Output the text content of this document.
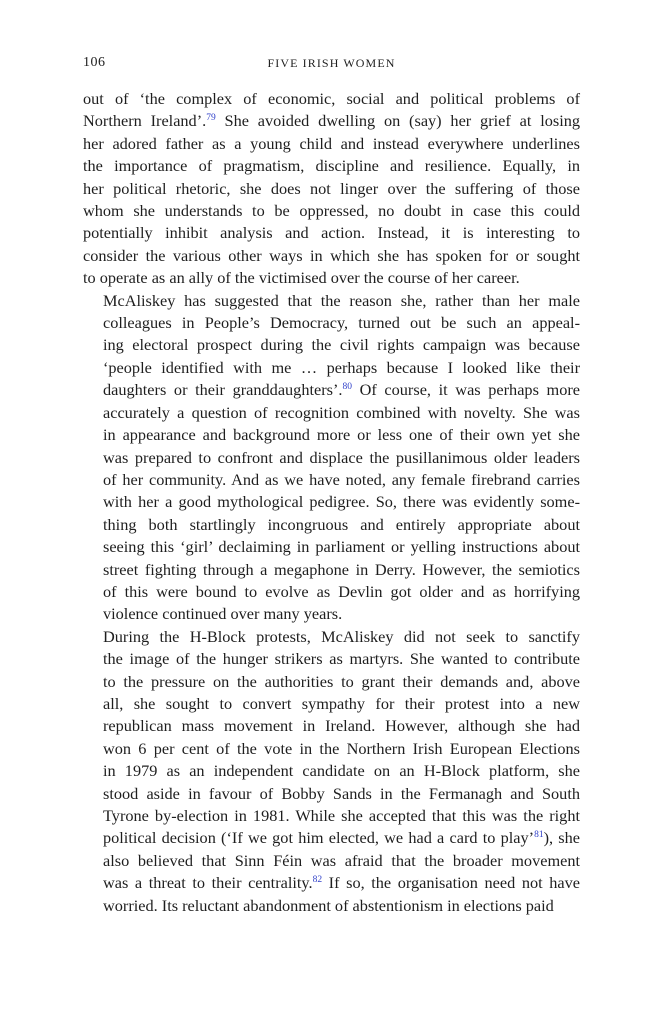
106	FIVE IRISH WOMEN

out of ‘the complex of economic, social and political problems of
Northern Ireland’.$^{79}$ She avoided dwelling on (say) her grief at losing
her adored father as a young child and instead everywhere underlines
the importance of pragmatism, discipline and resilience. Equally, in
her political rhetoric, she does not linger over the suffering of those
whom she understands to be oppressed, no doubt in case this could
potentially inhibit analysis and action. Instead, it is interesting to
consider the various other ways in which she has spoken for or sought
to operate as an ally of the victimised over the course of her career.

McAliskey has suggested that the reason she, rather than her male
colleagues in People’s Democracy, turned out be such an appeal-
ing electoral prospect during the civil rights campaign was because
‘people identified with me … perhaps because I looked like their
daughters or their granddaughters’.$^{80}$ Of course, it was perhaps more
accurately a question of recognition combined with novelty. She was
in appearance and background more or less one of their own yet she
was prepared to confront and displace the pusillanimous older leaders
of her community. And as we have noted, any female firebrand carries
with her a good mythological pedigree. So, there was evidently some-
thing both startlingly incongruous and entirely appropriate about
seeing this ‘girl’ declaiming in parliament or yelling instructions about
street fighting through a megaphone in Derry. However, the semiotics
of this were bound to evolve as Devlin got older and as horrifying
violence continued over many years.

During the H-Block protests, McAliskey did not seek to sanctify
the image of the hunger strikers as martyrs. She wanted to contribute
to the pressure on the authorities to grant their demands and, above
all, she sought to convert sympathy for their protest into a new
republican mass movement in Ireland. However, although she had
won 6 per cent of the vote in the Northern Irish European Elections
in 1979 as an independent candidate on an H-Block platform, she
stood aside in favour of Bobby Sands in the Fermanagh and South
Tyrone by-election in 1981. While she accepted that this was the right
political decision (‘If we got him elected, we had a card to play’$^{81}$), she
also believed that Sinn Féin was afraid that the broader movement
was a threat to their centrality.$^{82}$ If so, the organisation need not have
worried. Its reluctant abandonment of abstentionism in elections paid
